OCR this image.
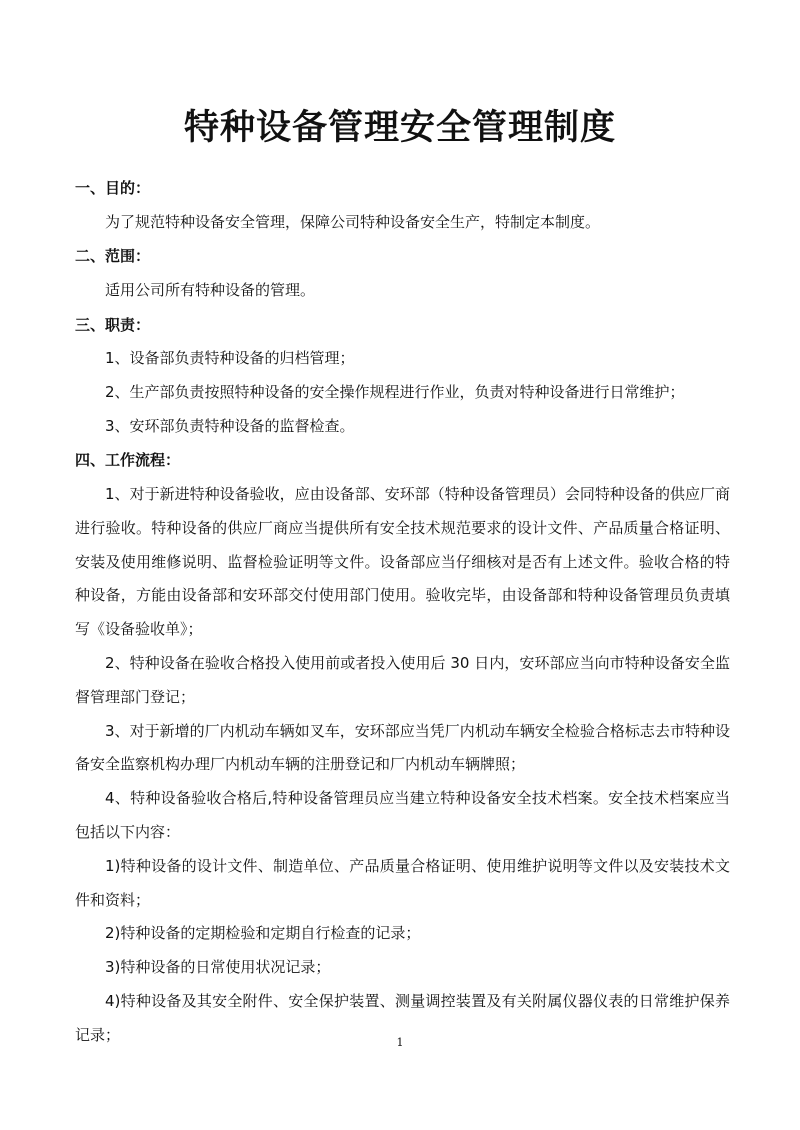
特种设备管理安全管理制度
一、目的：
为了规范特种设备安全管理，保障公司特种设备安全生产，特制定本制度。
二、范围：
适用公司所有特种设备的管理。
三、职责：
1、设备部负责特种设备的归档管理；
2、生产部负责按照特种设备的安全操作规程进行作业，负责对特种设备进行日常维护；
3、安环部负责特种设备的监督检查。
四、工作流程：
1、对于新进特种设备验收，应由设备部、安环部（特种设备管理员）会同特种设备的供应厂商进行验收。特种设备的供应厂商应当提供所有安全技术规范要求的设计文件、产品质量合格证明、安装及使用维修说明、监督检验证明等文件。设备部应当仔细核对是否有上述文件。验收合格的特种设备，方能由设备部和安环部交付使用部门使用。验收完毕，由设备部和特种设备管理员负责填写《设备验收单》；
2、特种设备在验收合格投入使用前或者投入使用后 30 日内，安环部应当向市特种设备安全监督管理部门登记；
3、对于新增的厂内机动车辆如叉车，安环部应当凭厂内机动车辆安全检验合格标志去市特种设备安全监察机构办理厂内机动车辆的注册登记和厂内机动车辆牌照；
4、特种设备验收合格后,特种设备管理员应当建立特种设备安全技术档案。安全技术档案应当包括以下内容：
1)特种设备的设计文件、制造单位、产品质量合格证明、使用维护说明等文件以及安装技术文件和资料；
2)特种设备的定期检验和定期自行检查的记录；
3)特种设备的日常使用状况记录；
4)特种设备及其安全附件、安全保护装置、测量调控装置及有关附属仪器仪表的日常维护保养记录；	1
